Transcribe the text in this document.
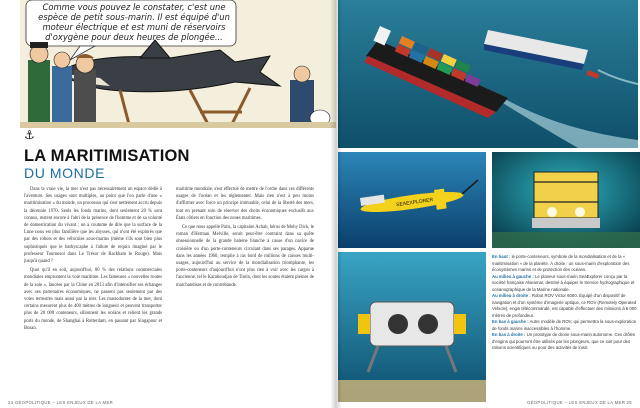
Comme vous pouvez le constater, c'est une espèce de petit sous-marin. Il est équipé d'un moteur électrique et est muni de réservoirs d'oxygène pour deux heures de plongée...
⚓
LA MARITIMISATION
DU MONDE

Dans la vraie vie, la mer n'est pas nécessairement un espace dédié à l'aventure. Ses usages sont multiples, au point que l'on parle d'une « maritimisation » du monde, un processus qui s'est nettement accru depuis la décennie 1970. Seuls les fonds marins, dont seulement 20 % sont connus, restent encore à l'abri de la présence de l'homme et de sa volonté de domestication du vivant ; on a coutume de dire que la surface de la Lune nous est plus familière que les abysses, qui n'ont été explorés que par des robots et des véhicules sous-marins (même s'ils sont bien plus sophistiqués que le bathyscaphe à l'allure de requin imaginé par le professeur Tournesol dans Le Trésor de Rackham le Rouge). Mais jusqu'à quand ?

Quoi qu'il en soit, aujourd'hui, 80 % des relations commerciales mondiales empruntent la voie maritime. Les fameuses « nouvelles routes de la soie », lancées par la Chine en 2013 afin d'intensifier ses échanges avec ses partenaires économiques, ne passent pas seulement par des voies terrestres mais aussi par la mer. Les mastodontes de la mer, dont certains mesurent plus de 400 mètres de longueur et peuvent transporter plus de 20 000 conteneurs, sillonnent les océans et relient les grands ports du monde, de Shanghai à Rotterdam, en passant par Singapour et Busan.

maritime mondiale, s'est effectué de mettre de l'ordre dans ces différents usages de l'océan et les réglementer. Mais rien n'est à peu moins d'affirmer avec force un principe immuable, celui de la liberté des mers, tout en prenant soin de réserver des droits économiques exclusifs aux États côtiers en fonction des zones maritimes.

Ce que nous appelle Paris, la capitaine Achab, héros de Moby Dick, le roman d'Herman Melville, serait peut-être contraint dans sa quête obsessionnelle de la grande baleine blanche à cause d'un navire de croisière ou d'un porte-conteneurs circulant dans ses parages. Apparue dans les années 1960, remplie à ras bord de millions de caisses multi-usages, aujourd'hui au service de la mondialisation triomphante, les porte-conteneurs d'aujourd'hui n'ont plus rien à voir avec les cargos à l'ancienne, tel le Karaboudjan de Tintin, dont les soutes étaient pleines de marchandises et de contrebande.

24 GÉOPOLITIQUE – LES ENJEUX DE LA MER
SEAEXPLORER
En haut : le porte-conteneurs, symbole de la mondialisation et de la « maritimisation » de la planète. À droite : un sous-marin d'exploration des écosystèmes marins et de protection des océans.
Au milieu à gauche : Le planeur sous-marin SeaExplorer conçu par la société française Alseamar, destiné à équiper le Service hydrographique et océanographique de la Marine nationale.
Au milieu à droite : Robot ROV Victor 6000. Équipé d'un dispositif de navigation et d'un système d'imagerie optique, ce ROV (Remotely Operated Vehicle), engin télécommandé, est capable d'effectuer des missions à 6 000 mètres de profondeur.
En bas à gauche : Autre modèle de ROV, qui permettra la sous-exploration de fonds marins inaccessibles à l'homme.
En bas à droite : Un prototype de drone sous-marin autonome. Ces drôles d'engins qui pourront être utilisés par les plongeurs, que ce soit pour des raisons scientifiques ou pour des activités de loisir.
GÉOPOLITIQUE – LES ENJEUX DE LA MER 25
